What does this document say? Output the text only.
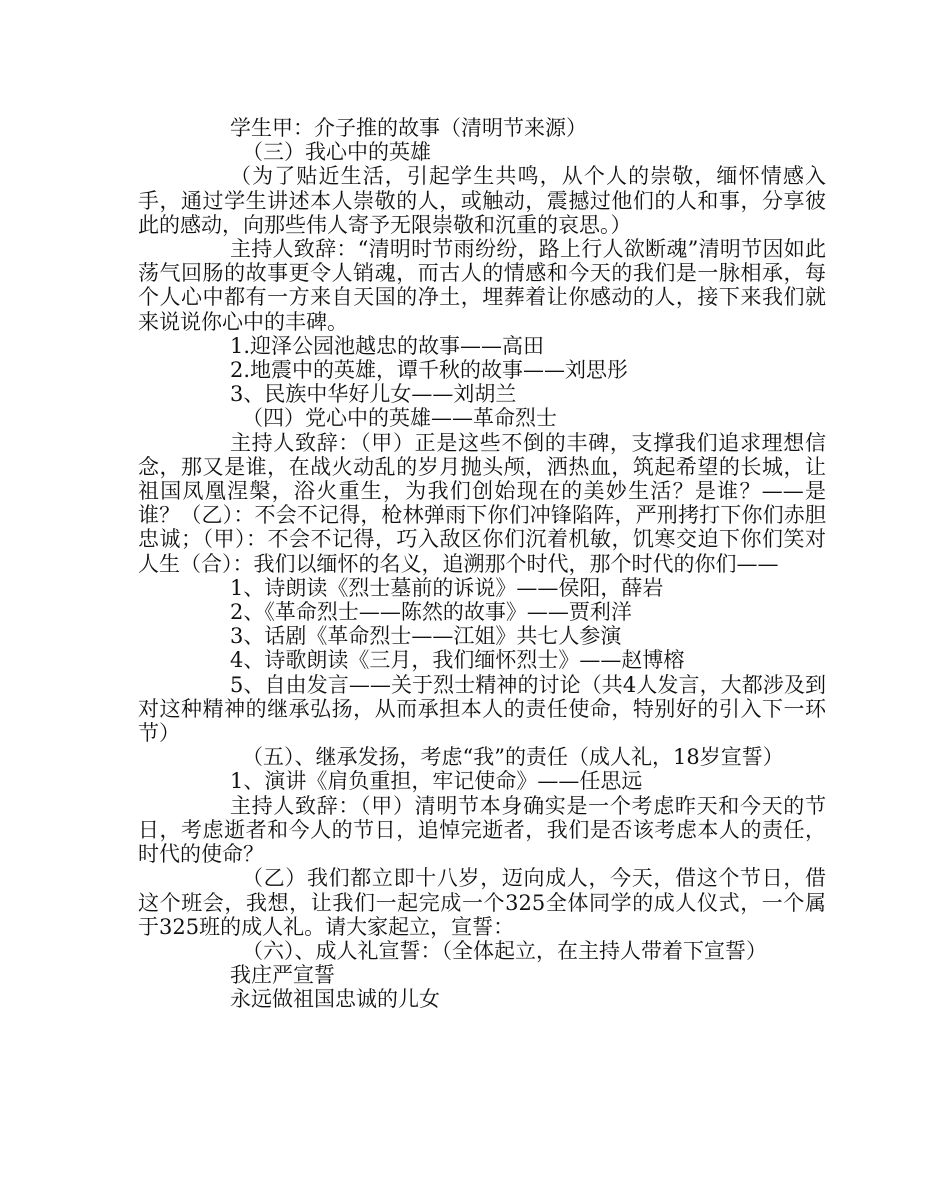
学生甲：介子推的故事（清明节来源）

（三）我心中的英雄

（为了贴近生活，引起学生共鸣，从个人的崇敬，缅怀情感入手，通过学生讲述本人崇敬的人，或触动，震撼过他们的人和事，分享彼此的感动，向那些伟人寄予无限崇敬和沉重的哀思。）

主持人致辞：“清明时节雨纷纷，路上行人欲断魂”清明节因如此荡气回肠的故事更令人销魂，而古人的情感和今天的我们是一脉相承，每个人心中都有一方来自天国的净土，埋葬着让你感动的人，接下来我们就来说说你心中的丰碑。

1.迎泽公园池越忠的故事——高田

2.地震中的英雄，谭千秋的故事——刘思彤

3、民族中华好儿女——刘胡兰

（四）党心中的英雄——革命烈士

主持人致辞：（甲）正是这些不倒的丰碑，支撑我们追求理想信念，那又是谁，在战火动乱的岁月抛头颅，洒热血，筑起希望的长城，让祖国凤凰涅槃，浴火重生，为我们创始现在的美妙生活？是谁？——是谁？（乙）：不会不记得，枪林弹雨下你们冲锋陷阵，严刑拷打下你们赤胆忠诚；（甲）：不会不记得，巧入敌区你们沉着机敏，饥寒交迫下你们笑对人生（合）：我们以缅怀的名义，追溯那个时代，那个时代的你们——

1、诗朗读《烈士墓前的诉说》——侯阳，薛岩

2、《革命烈士——陈然的故事》——贾利洋

3、话剧《革命烈士——江姐》共七人参演

4、诗歌朗读《三月，我们缅怀烈士》——赵博榕

5、自由发言——关于烈士精神的讨论（共4人发言，大都涉及到对这种精神的继承弘扬，从而承担本人的责任使命，特别好的引入下一环节）

（五）、继承发扬，考虑“我”的责任（成人礼，18岁宣誓）

1、演讲《肩负重担，牢记使命》——任思远

主持人致辞：（甲）清明节本身确实是一个考虑昨天和今天的节日，考虑逝者和今人的节日，追悼完逝者，我们是否该考虑本人的责任，时代的使命？

（乙）我们都立即十八岁，迈向成人，今天，借这个节日，借这个班会，我想，让我们一起完成一个325全体同学的成人仪式，一个属于325班的成人礼。请大家起立，宣誓：

（六）、成人礼宣誓：（全体起立，在主持人带着下宣誓）

我庄严宣誓

永远做祖国忠诚的儿女
